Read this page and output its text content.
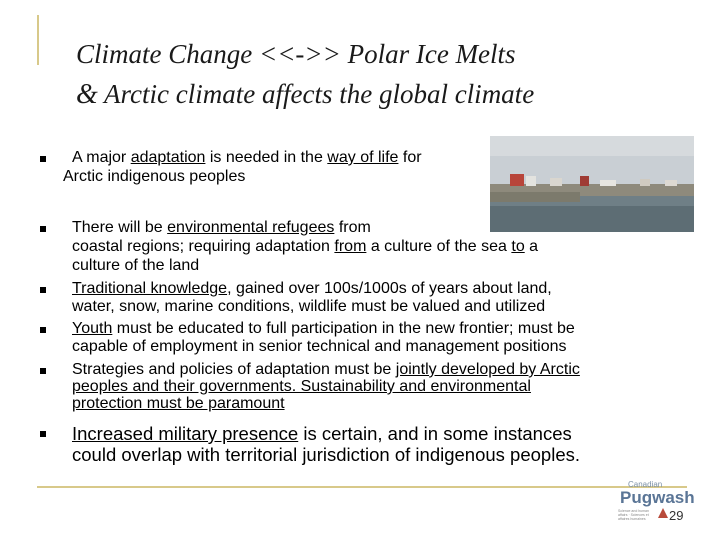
Climate Change <<->> Polar Ice Melts
& Arctic climate affects the global climate
A major adaptation is needed in the way of life for
Arctic indigenous peoples
There will be environmental refugees from
coastal regions; requiring adaptation from a culture of the sea to a
culture of the land
Traditional knowledge, gained over 100s/1000s of years about land,
water, snow, marine conditions, wildlife must be valued and utilized
Youth must be educated to full participation in the new frontier; must be
capable of employment in senior technical and management positions
Strategies and policies of adaptation must be jointly developed by Arctic
peoples and their governments. Sustainability and environmental
protection must be paramount
Increased military presence is certain, and in some instances
could overlap with territorial jurisdiction of indigenous peoples.
Canadian
Pugwash
Science and human affairs · Sciences et affaires humaines	29
